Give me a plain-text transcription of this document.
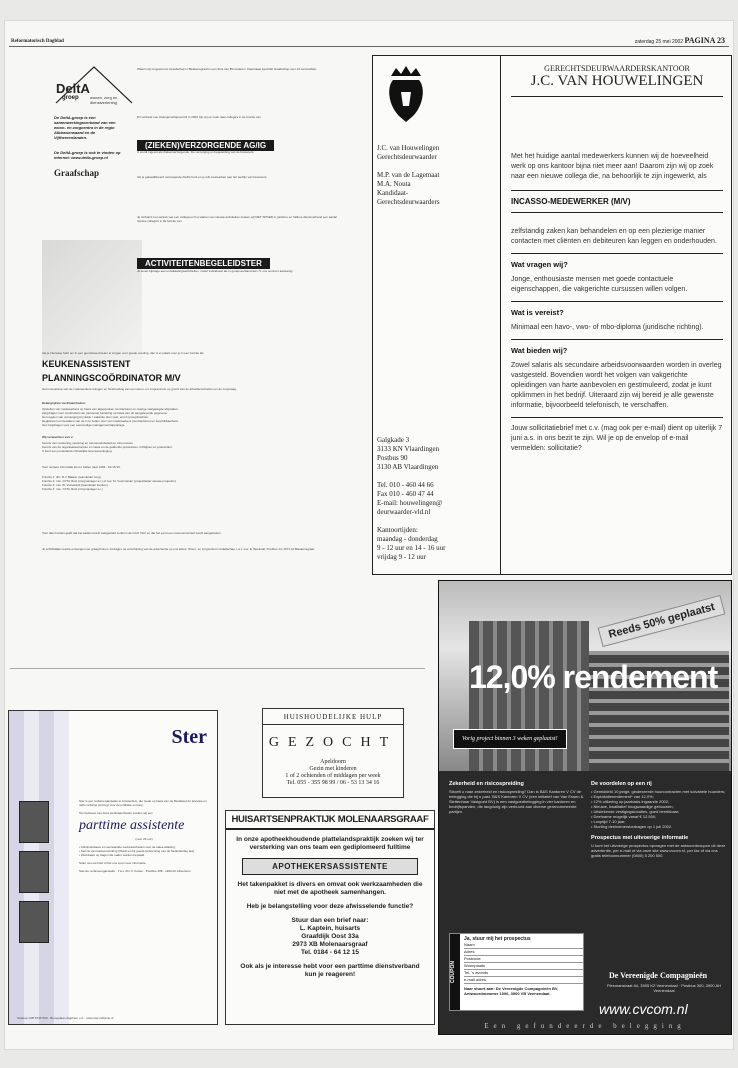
Reformatorisch Dagblad	zaterdag 25 mei 2002 PAGINA 23
DeltA
groep	wonen, zorg en dienstverlening
De DeltA-groep is een samenwerkingsverband van een woon- en zorgcentra in de regio Alblasserwaard en de Vijfheerenlanden.
De DeltA-groep is ook te vinden op internet: www.delta-groep.nl
Graafschap
Waarin wij zorgcentrum Graafschap in Bleskensgraaf is een Stuk van BV-ouderen. Daarnaast beschikt Graafschap over 22 serviceflats.
Dit verband met zwangerschapsverlof in 2002 zijn wij op zoek naar collega's in de functie van
(ZIEKEN)VERZORGENDE AG/IG
U wordt ingezet als Ziekenverzorgende. De verzorging en begeleiding van de bewoners.
Als je gekwalificeerd verzorgende AG/IG bent en je wilt meewerken aan het welzijn van bewoners.
Je verband met vertrek van een collega en het starten van nieuwe activiteiten zoeken wij MET SPOED in parttime en fulltime dienstverband een aantal nieuwe collega's in de functie van
ACTIVITEITENBEGELEIDSTER
Je levert bijdrage aan ontwikkelingsactiviteiten, zowel individueel als in groepsverband aan 7x ons centrum aanwezig.
Als je interesse hebt om in een gemotiveerd team te zorgen voor goede voeding, dan is er plaats voor je in een functie als
KEUKENASSISTENT
PLANNINGSCOÖRDINATOR M/V
Het innovatieve van de medewerkers reinigen en huishouding van een woon- en zorgcentrum op grond van de arbeidscontracten en de zorgvraag.
Belangrijkste werkzaamheden:
Opstellen van medewerkers op basis van afgesproken contracturen en overige vastgelegde afspraken.
Zorgdragen voor continuïteit van personele bezetting op basis van de aangeleverde gegevens.
Het regelen van vervanging bij ziekte / vakantie door vast- en/of oproepkrachten.
Registreren en bewaken van de in te zetten uren van medewerkers (contracturen) en beschikbaarheid.
Het zorgdragen voor een eenvoudige managementrapportage.
Wij verwachten van u:
Kennis van roostering, planning en personeelsbeleid op mbo-niveau.
Kennis van de organisatiestructuur en vaste en de geldende procedures, richtlijnen en protocollen.
U bent een protestants-christelijke levensovertuiging.
Voor verdere informatie kunt u bellen naar 0184 - 69 15 33.
Functie 1: dhr. R.J. Bakker (teamleider zorg)
Functie 2: mw. J.P.M. Rots (zorgmanager a.i.) of mw. M. Vuurmeister (projectleider nieuwe projecten)
Functie 3: mw. W. Vosseland (teamleider keuken)
Functie 4: mw. J.P.M. Rots (zorgmanager a.i.)
Voor alle functies geldt dat het salaris wordt vastgesteld conform de CAO V&V en dat het eerst een reservecontract wordt aangeboden.
Je schriftelijke reactie ontvangen we graag binnen 14 dagen na verschijning van de advertentie op ons adres: Woon- en zorgcentrum Graafschap, t.a.v. mw. E. Boekstal, Postbus 14, 2971 AJ Bleskensgraaf.
J.C. van Houwelingen
Gerechtsdeurwaarder

M.P. van de Lagemaat
M.A. Nouta
Kandidaat-
Gerechtsdeurwaarders
Galgkade 3
3133 KN Vlaardingen
Postbus 90
3130 AB Vlaardingen

Tel. 010 - 460 44 66
Fax 010 - 460 47 44
E-mail: houwelingen@
deurwaarder-vld.nl

Kantoortijden:
maandag - donderdag
9 - 12 uur en 14 - 16 uur
vrijdag 9 - 12 uur
GERECHTSDEURWAARDERSKANTOOR
J.C. VAN HOUWELINGEN
Met het huidige aantal medewerkers kunnen wij de hoeveelheid werk op ons kantoor bijna niet meer aan! Daarom zijn wij op zoek naar een nieuwe collega die, na behoorlijk te zijn ingewerkt, als
INCASSO-MEDEWERKER (M/V)
zelfstandig zaken kan behandelen en op een plezierige manier contacten met cliënten en debiteuren kan leggen en onderhouden.
Wat vragen wij?
Jonge, enthousiaste mensen met goede contactuele eigenschappen, die vakgerichte cursussen willen volgen.
Wat is vereist?
Minimaal een havo-, vwo- of mbo-diploma (juridische richting).
Wat bieden wij?
Zowel salaris als secundaire arbeidsvoorwaarden worden in overleg vastgesteld. Bovendien wordt het volgen van vakgerichte opleidingen van harte aanbevolen en gestimuleerd, zodat je kunt opklimmen in het bedrijf. Uiteraard zijn wij bereid je alle gewenste informatie, bijvoorbeeld telefonisch, te verschaffen.
Jouw sollicitatiebrief met c.v. (mag ook per e-mail) dient op uiterlijk 7 juni a.s. in ons bezit te zijn. Wil je op de envelop of e-mail vermelden: sollicitatie?
Reeds 50% geplaatst
12,0% rendement
Vorig project binnen 3 weken geplaatst!
Zekerheid en risicospreiding
Stroeft u naar zekerheid en risicospreiding? Dan is B&S Kantoren V CV de belegging die bij u past. B&S Kantoren V CV (een initiatief van Van Essen & Slettenhaar Vastgoed BV) is een vastgoedbelegging in vier kantoren en bedrijfspanden, die langdurig zijn verhuurd aan diverse gerenommeerde partijen.
De voordelen op een rij
• Gemiddeld 10 jarige, gindexeerde huurcontracten met solvabele huurders;
• Exploitatierendement* van 12,0%;
• 12% uitkering op jaarbasis ingaande 2002;
• Nieuwe, kwalitatief hoogwaardige gebouwen;
• Uitstekende vestigingslocaties, goed bereikbaar;
• Deelname mogelijk vanaf € 12.500;
• Looptijd 7-10 jaar;
• Storting deelnemersbedragen op 1 juli 2002.
Prospectus met uitvoerige informatie
U kunt het uitvoerige prospectus opvragen met de antwoordcoupon uit deze advertentie, per e-mail of via onze site www.cvcom.nl, per fax of via ons gratis telefoonnummer (0800) 5 200 500.
COUPON
Ja, stuur mij het prospectus
Naam
Adres
Postcode
Woonplaats
Tel. 's avonds
e-mail adres
Naar stuurt aan: De Vereenigde Compagnieën BV, Antwoordnummer 1006, 3900 VB Veenendaal.
De Vereenigde Compagnieën
Plesmanstraat 64, 3905 KZ Veenendaal · Postbus 300, 3900 AH Veenendaal
www.cvcom.nl
Een gefundeerde belegging
Ster
Ster is een reclamerganisatie te Amsterdam, die mede op basis van de Mediawet de televisie en radio reclame verzorgt voor de publieke omroep.
Ten behoeve van deze werkzaamheden zoeken wij een
parttime assistente
(voor 24 uur)
• Administratieve en secretariële werkzaamheden voor de sales-afdeling;
• Kennis van tekstverwerking (Word) en bij goede beheersing van de Nederlandse taal;
• Werkzaam op dagen die nader worden bepaald.
Stuur ons uw brief of bel ons voor meer informatie.
Ster-de reclameorganisatie · T.a.v. dhr. F. Koster · Postbus 408 · 1200 AK Hilversum
Telefoon 035 6725 500 · Beroeplaan Algeheer v.d. · www.ster-reklame.nl
HUISHOUDELIJKE HULP
GEZOCHT
Apeldoorn
Gezin met kinderen
1 of 2 ochtenden of middagen per week
Tel. 055 - 355 98 99 / 06 - 53 13 34 16
HUISARTSENPRAKTIJK MOLENAARSGRAAF
In onze apotheekhoudende plattelandspraktijk zoeken wij ter versterking van ons team een gediplomeerd fulltime
APOTHEKERSASSISTENTE
Het takenpakket is divers en omvat ook werkzaamheden die niet met de apotheek samenhangen.
Heb je belangstelling voor deze afwisselende functie?
Stuur dan een brief naar:
L. Kaptein, huisarts
Graafdijk Oost 33a
2973 XB Molenaarsgraaf
Tel. 0184 - 64 12 15
Ook als je interesse hebt voor een parttime dienstverband kun je reageren!
